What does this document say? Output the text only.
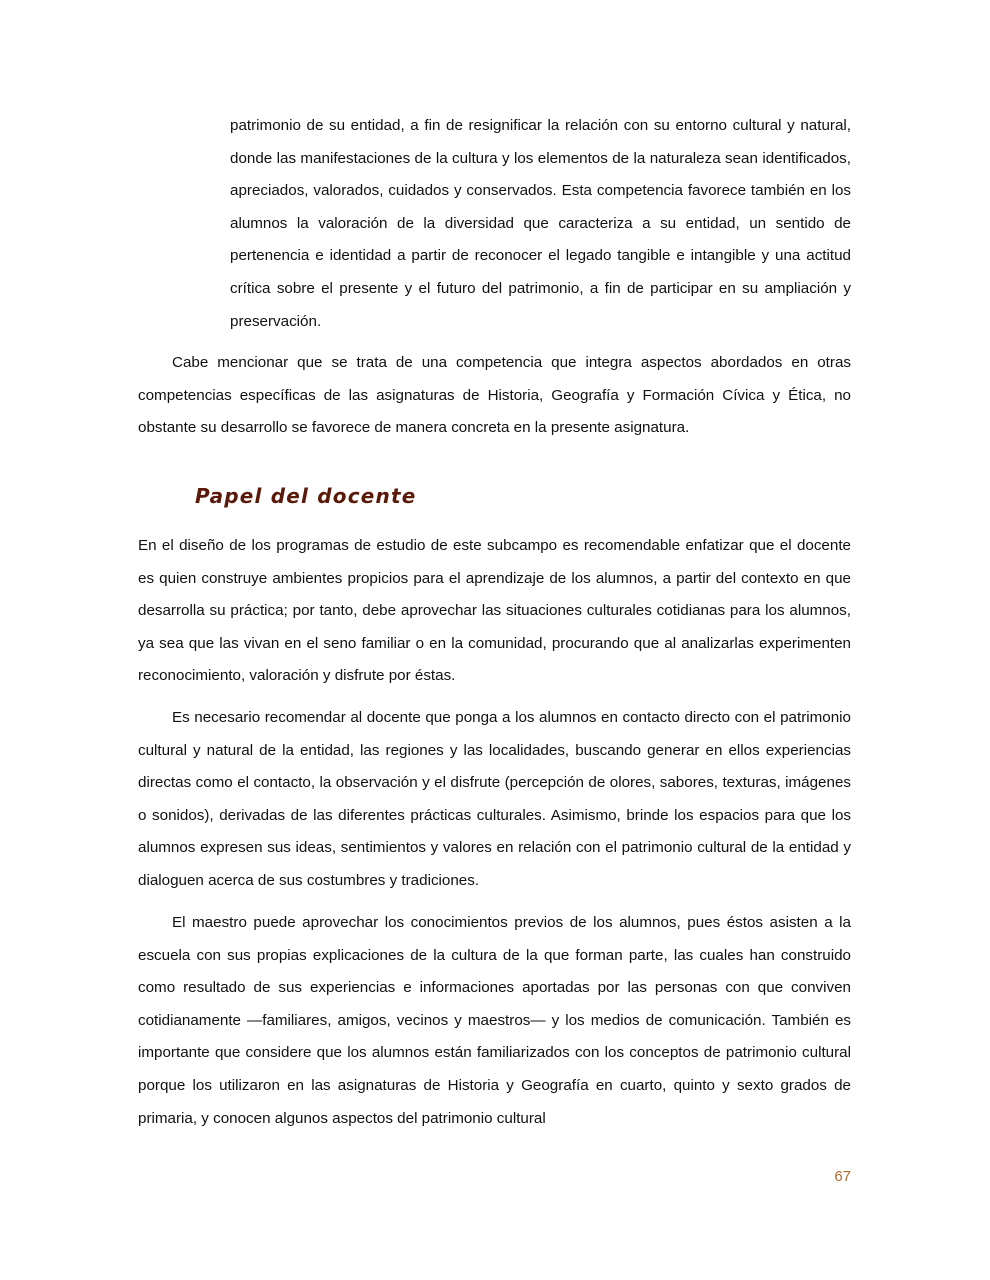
patrimonio de su entidad, a fin de resignificar la relación con su entorno cultural y natural, donde las manifestaciones de la cultura y los elementos de la naturaleza sean identificados, apreciados, valorados, cuidados y conservados. Esta competencia favorece también en los alumnos la valoración de la diversidad que caracteriza a su entidad, un sentido de pertenencia e identidad a partir de reconocer el legado tangible e intangible y una actitud crítica sobre el presente y el futuro del patrimonio, a fin de participar en su ampliación y preservación.

Cabe mencionar que se trata de una competencia que integra aspectos abordados en otras competencias específicas de las asignaturas de Historia, Geografía y Formación Cívica y Ética, no obstante su desarrollo se favorece de manera concreta en la presente asignatura.

Papel del docente

En el diseño de los programas de estudio de este subcampo es recomendable enfatizar que el docente es quien construye ambientes propicios para el aprendizaje de los alumnos, a partir del contexto en que desarrolla su práctica; por tanto, debe aprovechar las situaciones culturales cotidianas para los alumnos, ya sea que las vivan en el seno familiar o en la comunidad, procurando que al analizarlas experimenten reconocimiento, valoración y disfrute por éstas.

Es necesario recomendar al docente que ponga a los alumnos en contacto directo con el patrimonio cultural y natural de la entidad, las regiones y las localidades, buscando generar en ellos experiencias directas como el contacto, la observación y el disfrute (percepción de olores, sabores, texturas, imágenes o sonidos), derivadas de las diferentes prácticas culturales. Asimismo, brinde los espacios para que los alumnos expresen sus ideas, sentimientos y valores en relación con el patrimonio cultural de la entidad y dialoguen acerca de sus costumbres y tradiciones.

El maestro puede aprovechar los conocimientos previos de los alumnos, pues éstos asisten a la escuela con sus propias explicaciones de la cultura de la que forman parte, las cuales han construido como resultado de sus experiencias e informaciones aportadas por las personas con que conviven cotidianamente —familiares, amigos, vecinos y maestros— y los medios de comunicación. También es importante que considere que los alumnos están familiarizados con los conceptos de patrimonio cultural porque los utilizaron en las asignaturas de Historia y Geografía en cuarto, quinto y sexto grados de primaria, y conocen algunos aspectos del patrimonio cultural

67
